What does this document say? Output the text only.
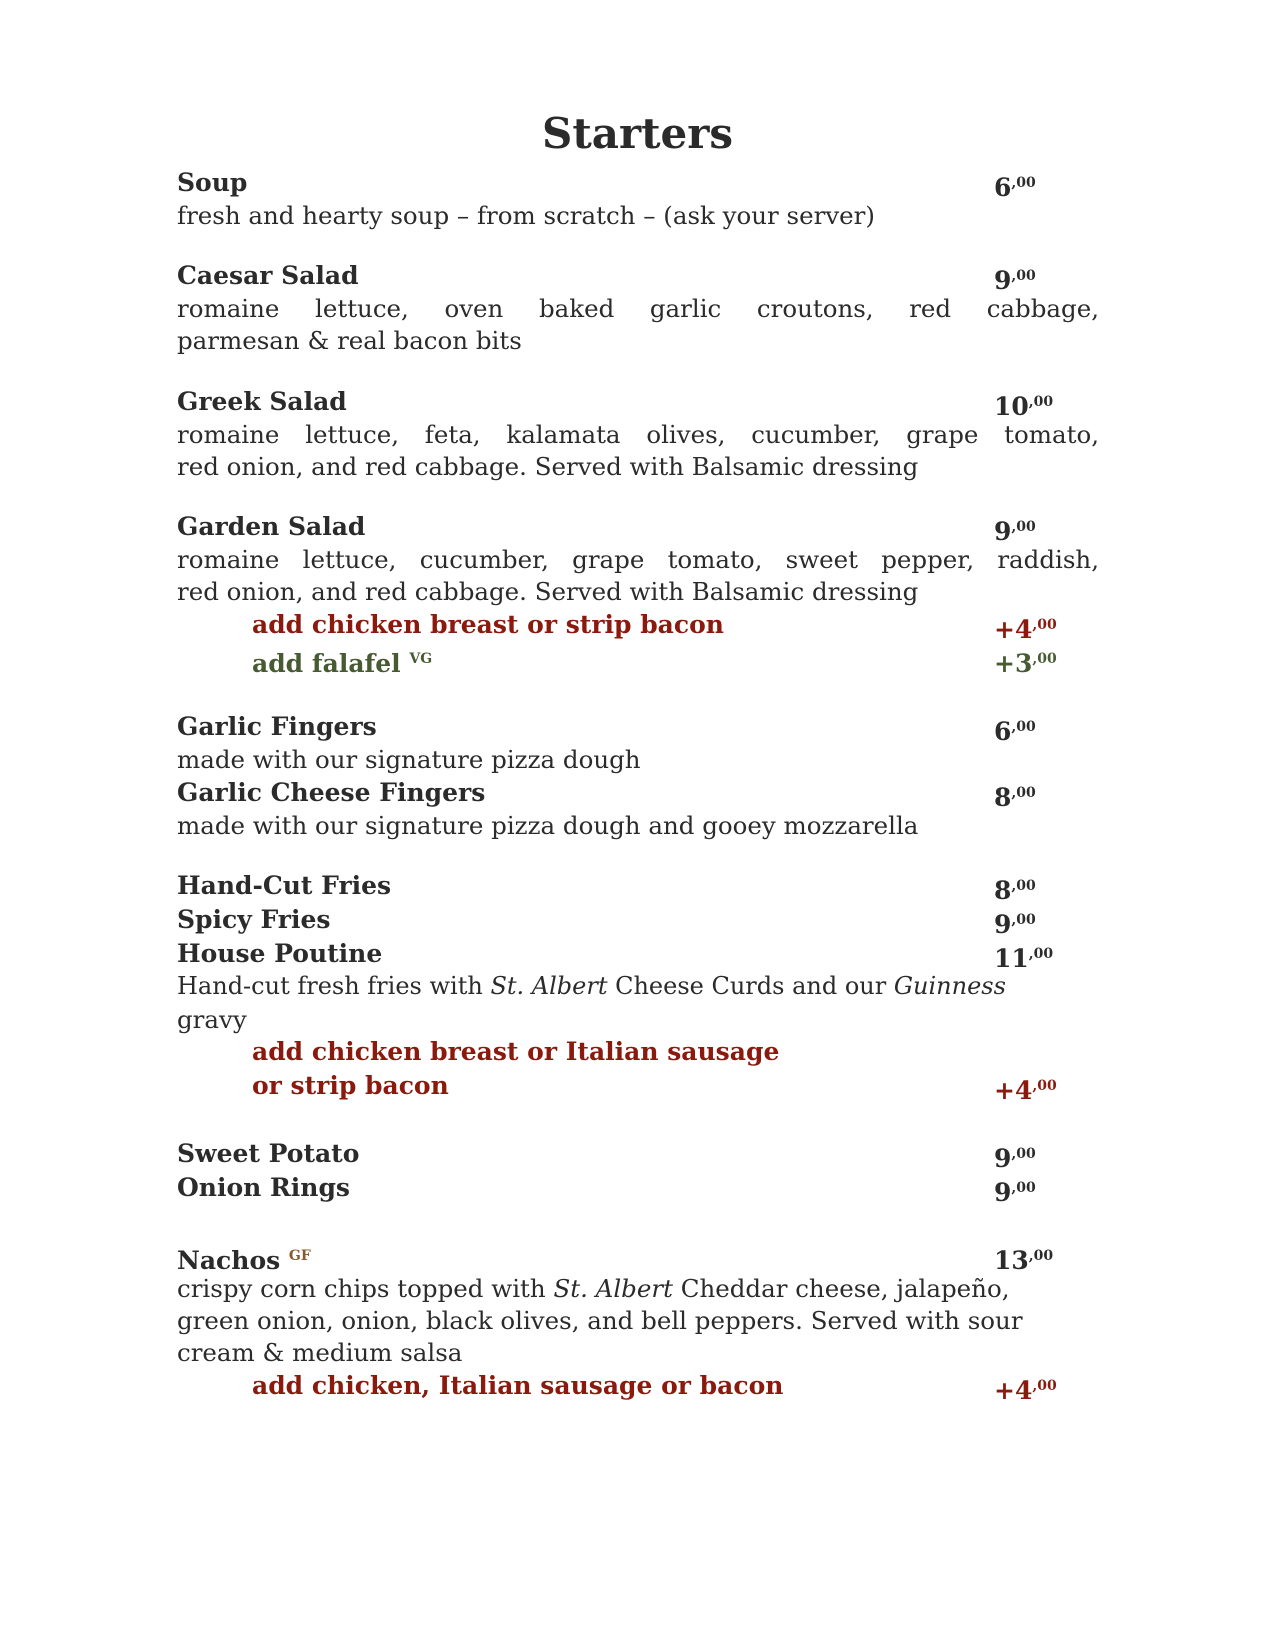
Starters
Soup	$6^{,00}$
fresh and hearty soup – from scratch – (ask your server)
Caesar Salad	$9^{,00}$
romaine lettuce, oven baked garlic croutons, red cabbage,
parmesan & real bacon bits
Greek Salad	$10^{,00}$
romaine lettuce, feta, kalamata olives, cucumber, grape tomato,
red onion, and red cabbage. Served with Balsamic dressing
Garden Salad	$9^{,00}$
romaine lettuce, cucumber, grape tomato, sweet pepper, raddish,
red onion, and red cabbage. Served with Balsamic dressing
add chicken breast or strip bacon	$+4^{,00}$
add falafel $^{VG}$	$+3^{,00}$
Garlic Fingers	$6^{,00}$
made with our signature pizza dough
Garlic Cheese Fingers	$8^{,00}$
made with our signature pizza dough and gooey mozzarella
Hand-Cut Fries	$8^{,00}$
Spicy Fries	$9^{,00}$
House Poutine	$11^{,00}$
Hand-cut fresh fries with St. Albert Cheese Curds and our Guinness
gravy
add chicken breast or Italian sausage
or strip bacon	$+4^{,00}$
Sweet Potato	$9^{,00}$
Onion Rings	$9^{,00}$
Nachos $^{GF}$	$13^{,00}$
crispy corn chips topped with St. Albert Cheddar cheese, jalapeño,
green onion, onion, black olives, and bell peppers. Served with sour
cream & medium salsa
add chicken, Italian sausage or bacon	$+4^{,00}$
